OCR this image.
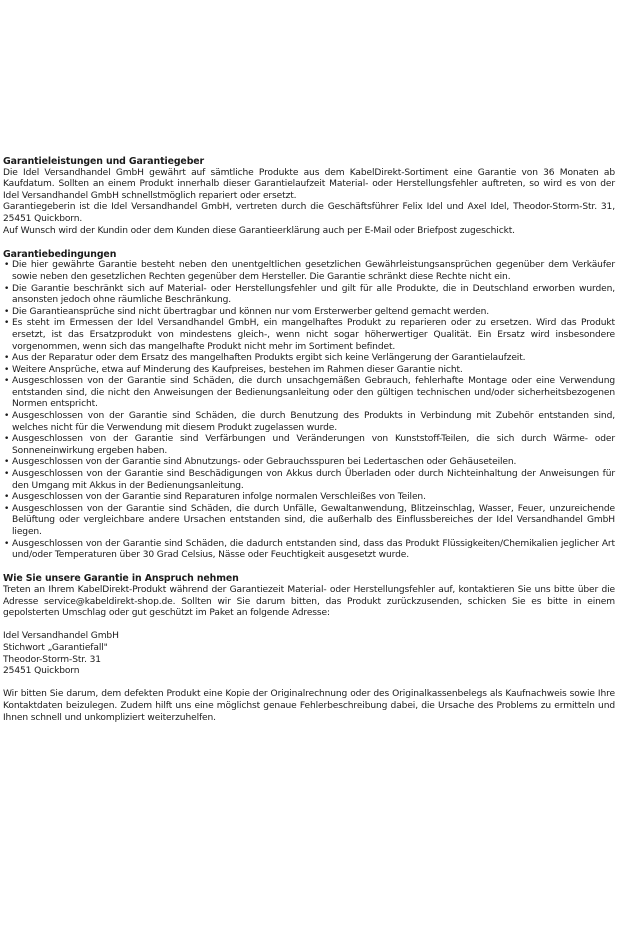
Garantieleistungen und Garantiegeber

Die Idel Versandhandel GmbH gewährt auf sämtliche Produkte aus dem KabelDirekt-Sortiment eine Garantie von 36 Monaten ab Kaufdatum. Sollten an einem Produkt innerhalb dieser Garantielaufzeit Material- oder Herstellungsfehler auftreten, so wird es von der Idel Versandhandel GmbH schnellstmöglich repariert oder ersetzt.

Garantiegeberin ist die Idel Versandhandel GmbH, vertreten durch die Geschäftsführer Felix Idel und Axel Idel, Theodor-Storm-Str. 31, 25451 Quickborn.

Auf Wunsch wird der Kundin oder dem Kunden diese Garantieerklärung auch per E-Mail oder Briefpost zugeschickt.

Garantiebedingungen
• Die hier gewährte Garantie besteht neben den unentgeltlichen gesetzlichen Gewährleistungsansprüchen gegenüber dem Verkäufer sowie neben den gesetzlichen Rechten gegenüber dem Hersteller. Die Garantie schränkt diese Rechte nicht ein.
• Die Garantie beschränkt sich auf Material- oder Herstellungsfehler und gilt für alle Produkte, die in Deutschland erworben wurden, ansonsten jedoch ohne räumliche Beschränkung.
• Die Garantieansprüche sind nicht übertragbar und können nur vom Ersterwerber geltend gemacht werden.
• Es steht im Ermessen der Idel Versandhandel GmbH, ein mangelhaftes Produkt zu reparieren oder zu ersetzen. Wird das Produkt ersetzt, ist das Ersatzprodukt von mindestens gleich-, wenn nicht sogar höherwertiger Qualität. Ein Ersatz wird insbesondere vorgenommen, wenn sich das mangelhafte Produkt nicht mehr im Sortiment befindet.
• Aus der Reparatur oder dem Ersatz des mangelhaften Produkts ergibt sich keine Verlängerung der Garantielaufzeit.
• Weitere Ansprüche, etwa auf Minderung des Kaufpreises, bestehen im Rahmen dieser Garantie nicht.
• Ausgeschlossen von der Garantie sind Schäden, die durch unsachgemäßen Gebrauch, fehlerhafte Montage oder eine Verwendung entstanden sind, die nicht den Anweisungen der Bedienungsanleitung oder den gültigen technischen und/oder sicherheitsbezogenen Normen entspricht.
• Ausgeschlossen von der Garantie sind Schäden, die durch Benutzung des Produkts in Verbindung mit Zubehör entstanden sind, welches nicht für die Verwendung mit diesem Produkt zugelassen wurde.
• Ausgeschlossen von der Garantie sind Verfärbungen und Veränderungen von Kunststoff-Teilen, die sich durch Wärme- oder Sonneneinwirkung ergeben haben.
• Ausgeschlossen von der Garantie sind Abnutzungs- oder Gebrauchsspuren bei Ledertaschen oder Gehäuseteilen.
• Ausgeschlossen von der Garantie sind Beschädigungen von Akkus durch Überladen oder durch Nichteinhaltung der Anweisungen für den Umgang mit Akkus in der Bedienungsanleitung.
• Ausgeschlossen von der Garantie sind Reparaturen infolge normalen Verschleißes von Teilen.
• Ausgeschlossen von der Garantie sind Schäden, die durch Unfälle, Gewaltanwendung, Blitzeinschlag, Wasser, Feuer, unzureichende Belüftung oder vergleichbare andere Ursachen entstanden sind, die außerhalb des Einflussbereiches der Idel Versandhandel GmbH liegen.
• Ausgeschlossen von der Garantie sind Schäden, die dadurch entstanden sind, dass das Produkt Flüssigkeiten/Chemikalien jeglicher Art und/oder Temperaturen über 30 Grad Celsius, Nässe oder Feuchtigkeit ausgesetzt wurde.
Wie Sie unsere Garantie in Anspruch nehmen

Treten an Ihrem KabelDirekt-Produkt während der Garantiezeit Material- oder Herstellungsfehler auf, kontaktieren Sie uns bitte über die Adresse service@kabeldirekt-shop.de. Sollten wir Sie darum bitten, das Produkt zurückzusenden, schicken Sie es bitte in einem gepolsterten Umschlag oder gut geschützt im Paket an folgende Adresse:

Idel Versandhandel GmbH

Stichwort „Garantiefall"

Theodor-Storm-Str. 31

25451 Quickborn

Wir bitten Sie darum, dem defekten Produkt eine Kopie der Originalrechnung oder des Originalkassenbelegs als Kaufnachweis sowie Ihre Kontaktdaten beizulegen. Zudem hilft uns eine möglichst genaue Fehlerbeschreibung dabei, die Ursache des Problems zu ermitteln und Ihnen schnell und unkompliziert weiterzuhelfen.
